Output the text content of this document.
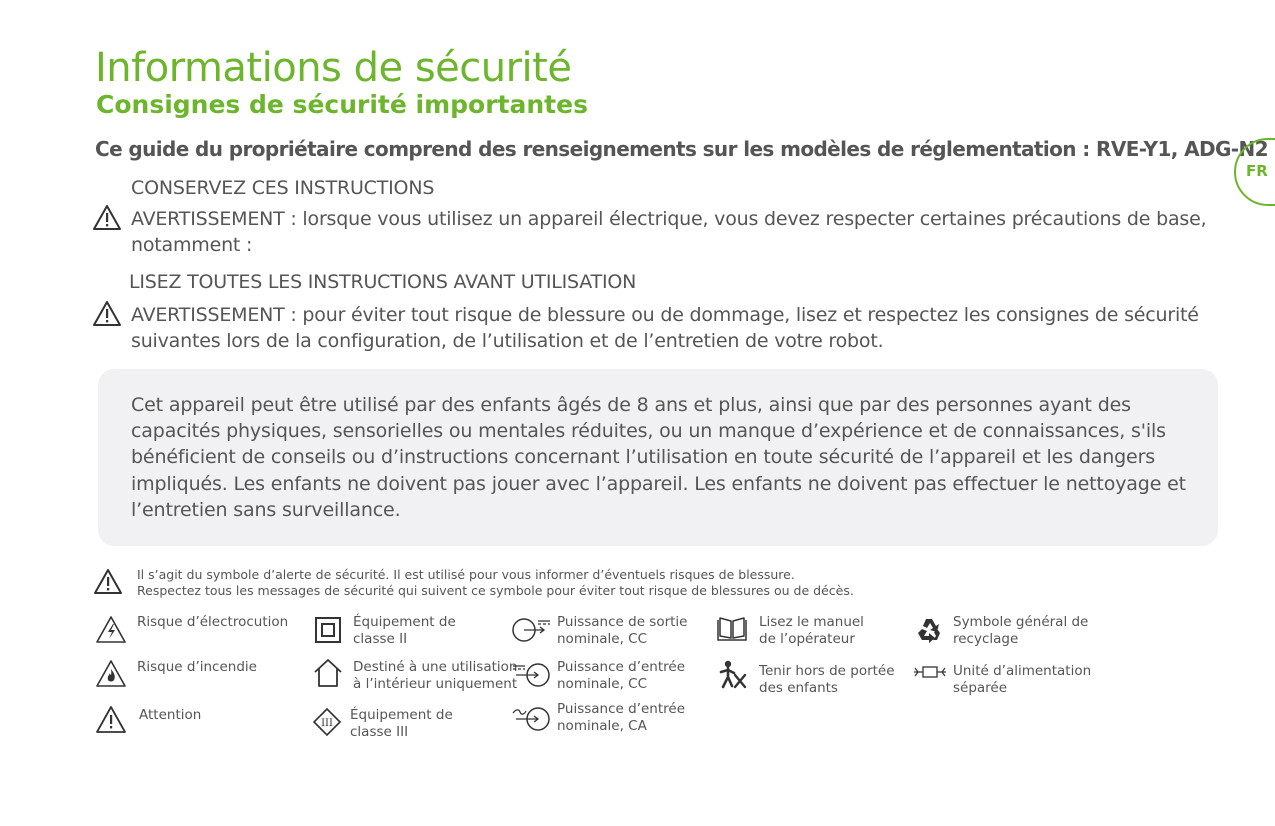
Informations de sécurité
Consignes de sécurité importantes

Ce guide du propriétaire comprend des renseignements sur les modèles de réglementation : RVE-Y1, ADG-N2

FR

CONSERVEZ CES INSTRUCTIONS

AVERTISSEMENT : lorsque vous utilisez un appareil électrique, vous devez respecter certaines précautions de base, notamment :

LISEZ TOUTES LES INSTRUCTIONS AVANT UTILISATION

AVERTISSEMENT : pour éviter tout risque de blessure ou de dommage, lisez et respectez les consignes de sécurité suivantes lors de la configuration, de l’utilisation et de l’entretien de votre robot.

Cet appareil peut être utilisé par des enfants âgés de 8 ans et plus, ainsi que par des personnes ayant des capacités physiques, sensorielles ou mentales réduites, ou un manque d’expérience et de connaissances, s'ils bénéficient de conseils ou d’instructions concernant l’utilisation en toute sécurité de l’appareil et les dangers impliqués. Les enfants ne doivent pas jouer avec l’appareil. Les enfants ne doivent pas effectuer le nettoyage et l’entretien sans surveillance.

Il s’agit du symbole d’alerte de sécurité. Il est utilisé pour vous informer d’éventuels risques de blessure.

Respectez tous les messages de sécurité qui suivent ce symbole pour éviter tout risque de blessures ou de décès.

Risque d’électrocution

Risque d’incendie

Attention

Équipement de
classe II

Destiné à une utilisation
à l’intérieur uniquement

III

Équipement de
classe III

Puissance de sortie
nominale, CC

Puissance d’entrée
nominale, CC

Puissance d’entrée
nominale, CA

Lisez le manuel
de l’opérateur

Tenir hors de portée
des enfants

Symbole général de
recyclage

Unité d’alimentation
séparée
